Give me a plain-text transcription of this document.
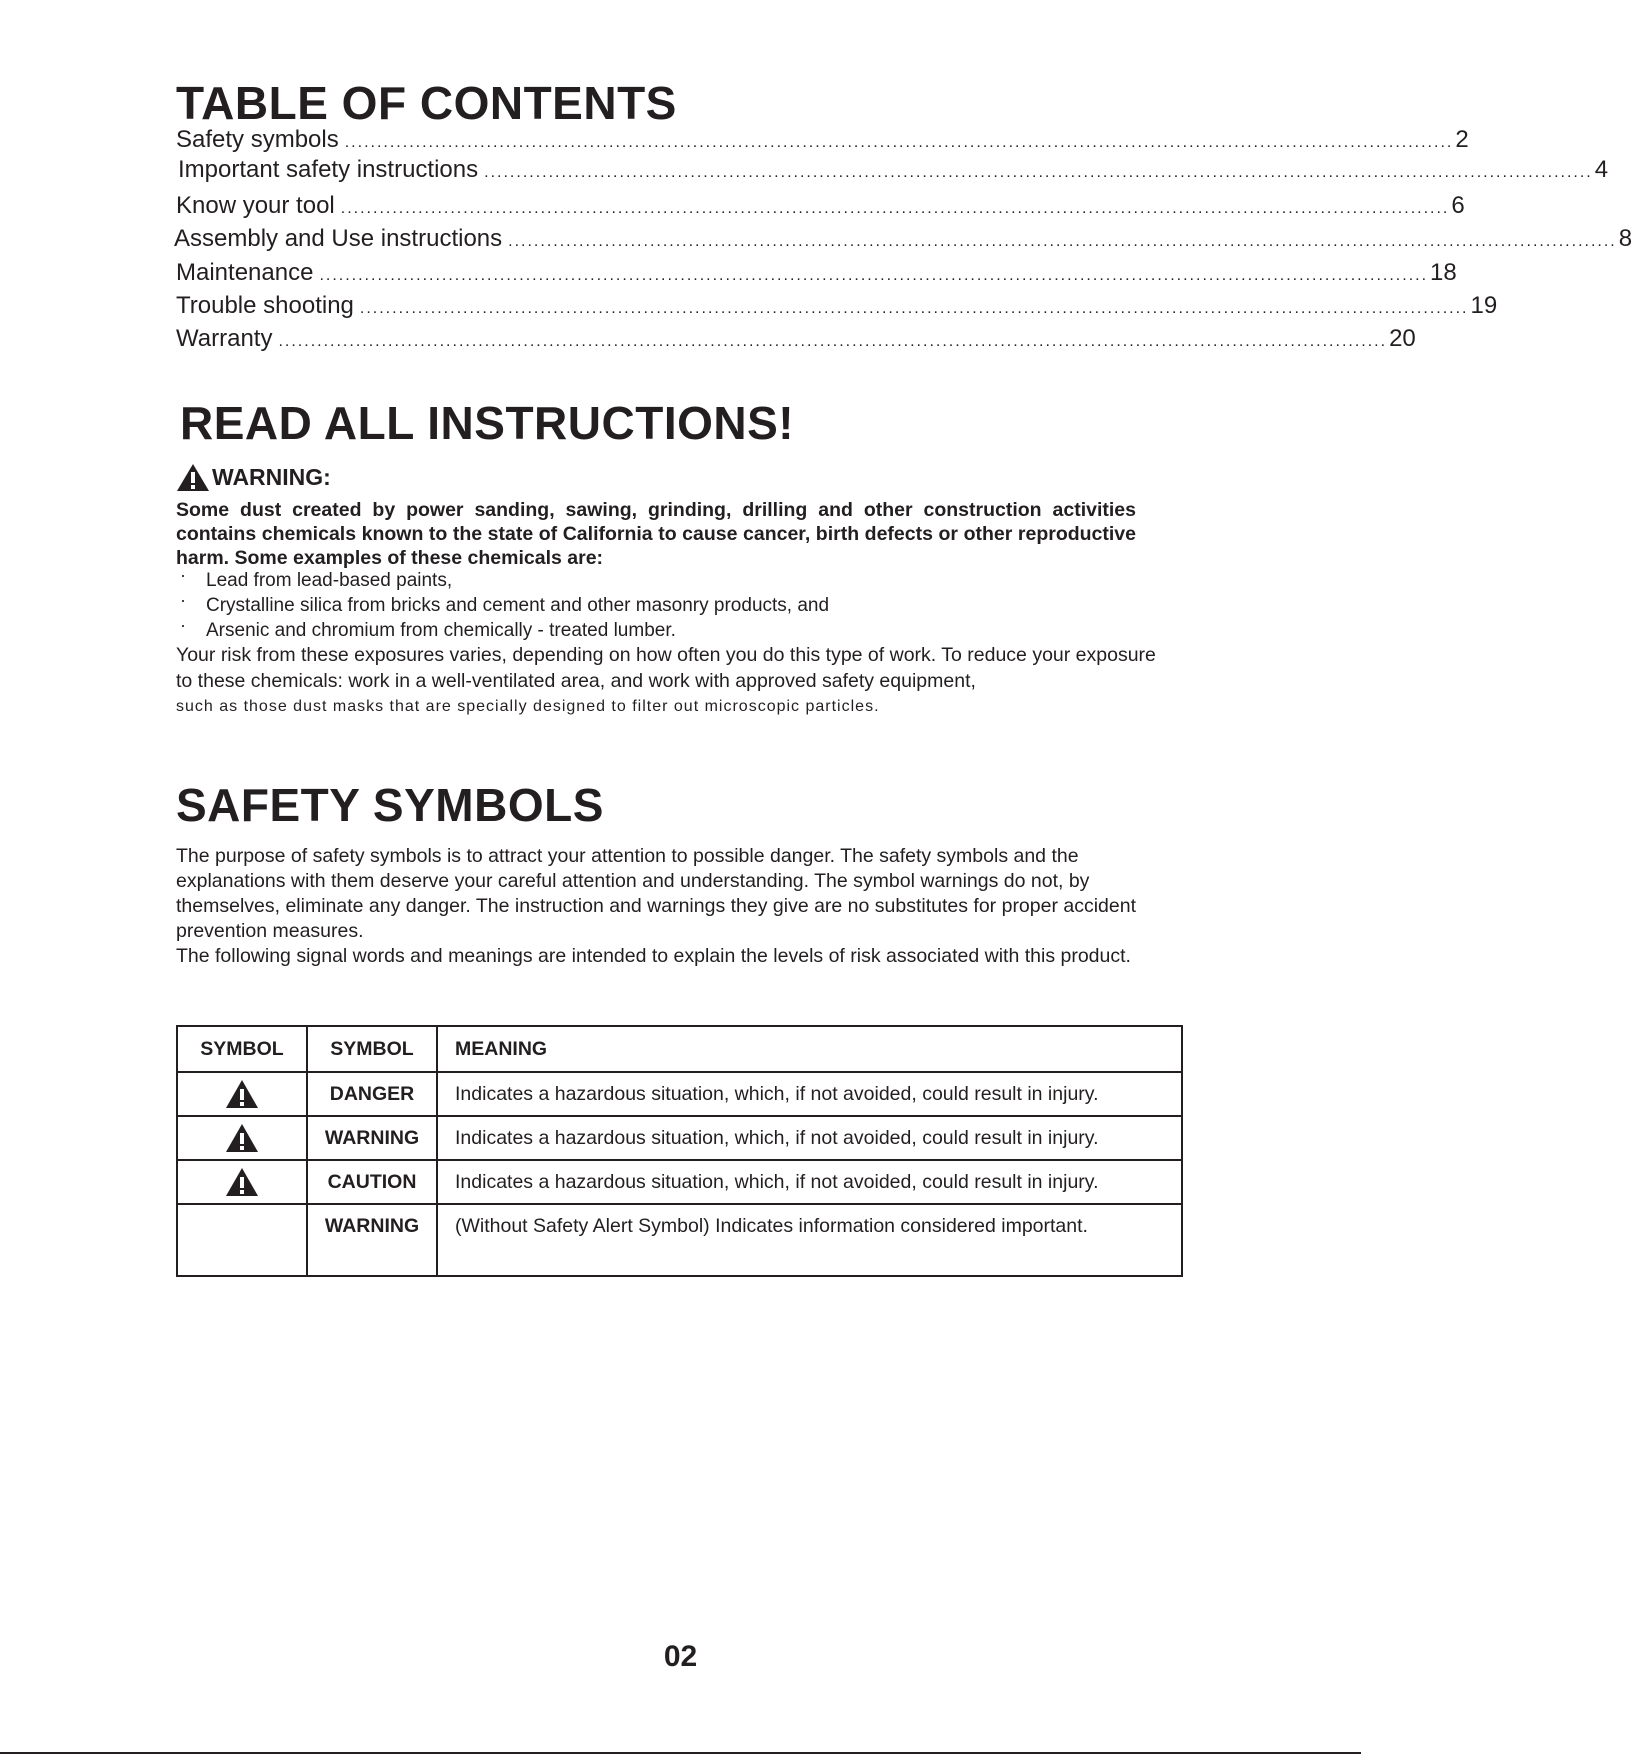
TABLE OF CONTENTS
Safety symbols ............................................................................................................................................................................ 2
Important safety instructions ............................................................................................................................................................................ 4
Know your tool ............................................................................................................................................................................ 6
Assembly and Use instructions ............................................................................................................................................................................ 8
Maintenance ............................................................................................................................................................................ 18
Trouble shooting ............................................................................................................................................................................ 19
Warranty ............................................................................................................................................................................ 20
READ ALL INSTRUCTIONS!
WARNING:
Some dust created by power sanding, sawing, grinding, drilling and other construction activities contains chemicals known to the state of California to cause cancer, birth defects or other reproductive harm. Some examples of these chemicals are:
· Lead from lead-based paints,
· Crystalline silica from bricks and cement and other masonry products, and
· Arsenic and chromium from chemically - treated lumber.
Your risk from these exposures varies, depending on how often you do this type of work. To reduce your exposure to these chemicals: work in a well-ventilated area, and work with approved safety equipment,
such as those dust masks that are specially designed to filter out microscopic particles.
SAFETY SYMBOLS

The purpose of safety symbols is to attract your attention to possible danger. The safety symbols and the explanations with them deserve your careful attention and understanding. The symbol warnings do not, by themselves, eliminate any danger. The instruction and warnings they give are no substitutes for proper accident prevention measures.

The following signal words and meanings are intended to explain the levels of risk associated with this product.

SYMBOL	SYMBOL	MEANING
	DANGER	Indicates a hazardous situation, which, if not avoided, could result in injury.
	WARNING	Indicates a hazardous situation, which, if not avoided, could result in injury.
	CAUTION	Indicates a hazardous situation, which, if not avoided, could result in injury.
	WARNING	(Without Safety Alert Symbol) Indicates information considered important.
02
